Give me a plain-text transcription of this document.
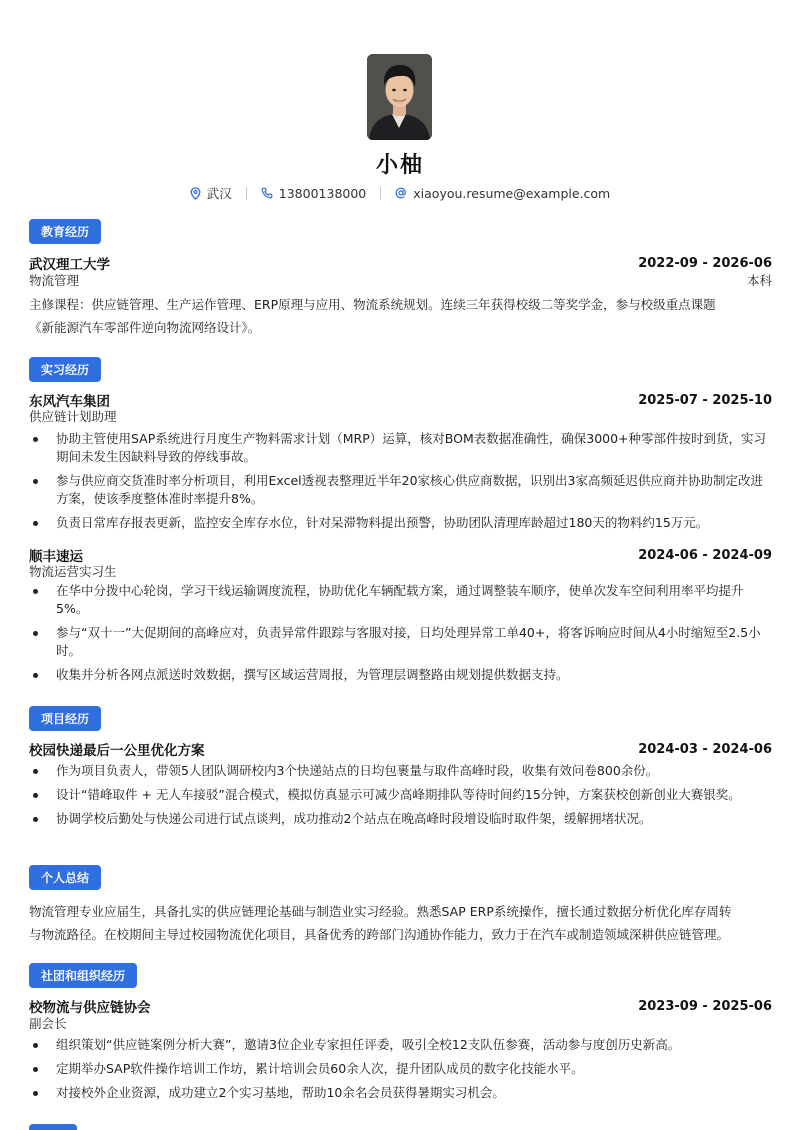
小柚
武汉	13800138000	xiaoyou.resume@example.com
教育经历
武汉理工大学	2022-09 - 2026-06
物流管理	本科
主修课程：供应链管理、生产运作管理、ERP原理与应用、物流系统规划。连续三年获得校级二等奖学金，参与校级重点课题
《新能源汽车零部件逆向物流网络设计》。
实习经历
东风汽车集团	2025-07 - 2025-10
供应链计划助理
协助主管使用SAP系统进行月度生产物料需求计划（MRP）运算，核对BOM表数据准确性，确保3000+种零部件按时到货，实习期间未发生因缺料导致的停线事故。
参与供应商交货准时率分析项目，利用Excel透视表整理近半年20家核心供应商数据，识别出3家高频延迟供应商并协助制定改进方案，使该季度整体准时率提升8%。
负责日常库存报表更新，监控安全库存水位，针对呆滞物料提出预警，协助团队清理库龄超过180天的物料约15万元。
顺丰速运	2024-06 - 2024-09
物流运营实习生
在华中分拨中心轮岗，学习干线运输调度流程，协助优化车辆配载方案，通过调整装车顺序，使单次发车空间利用率平均提升5%。
参与“双十一”大促期间的高峰应对，负责异常件跟踪与客服对接，日均处理异常工单40+，将客诉响应时间从4小时缩短至2.5小时。
收集并分析各网点派送时效数据，撰写区域运营周报，为管理层调整路由规划提供数据支持。
项目经历
校园快递最后一公里优化方案	2024-03 - 2024-06
作为项目负责人，带领5人团队调研校内3个快递站点的日均包裹量与取件高峰时段，收集有效问卷800余份。
设计“错峰取件 + 无人车接驳”混合模式，模拟仿真显示可减少高峰期排队等待时间约15分钟，方案获校创新创业大赛银奖。
协调学校后勤处与快递公司进行试点谈判，成功推动2个站点在晚高峰时段增设临时取件架，缓解拥堵状况。
个人总结
物流管理专业应届生，具备扎实的供应链理论基础与制造业实习经验。熟悉SAP ERP系统操作，擅长通过数据分析优化库存周转
与物流路径。在校期间主导过校园物流优化项目，具备优秀的跨部门沟通协作能力，致力于在汽车或制造领域深耕供应链管理。
社团和组织经历
校物流与供应链协会	2023-09 - 2025-06
副会长
组织策划“供应链案例分析大赛”，邀请3位企业专家担任评委，吸引全校12支队伍参赛，活动参与度创历史新高。
定期举办SAP软件操作培训工作坊，累计培训会员60余人次，提升团队成员的数字化技能水平。
对接校外企业资源，成功建立2个实习基地，帮助10余名会员获得暑期实习机会。
